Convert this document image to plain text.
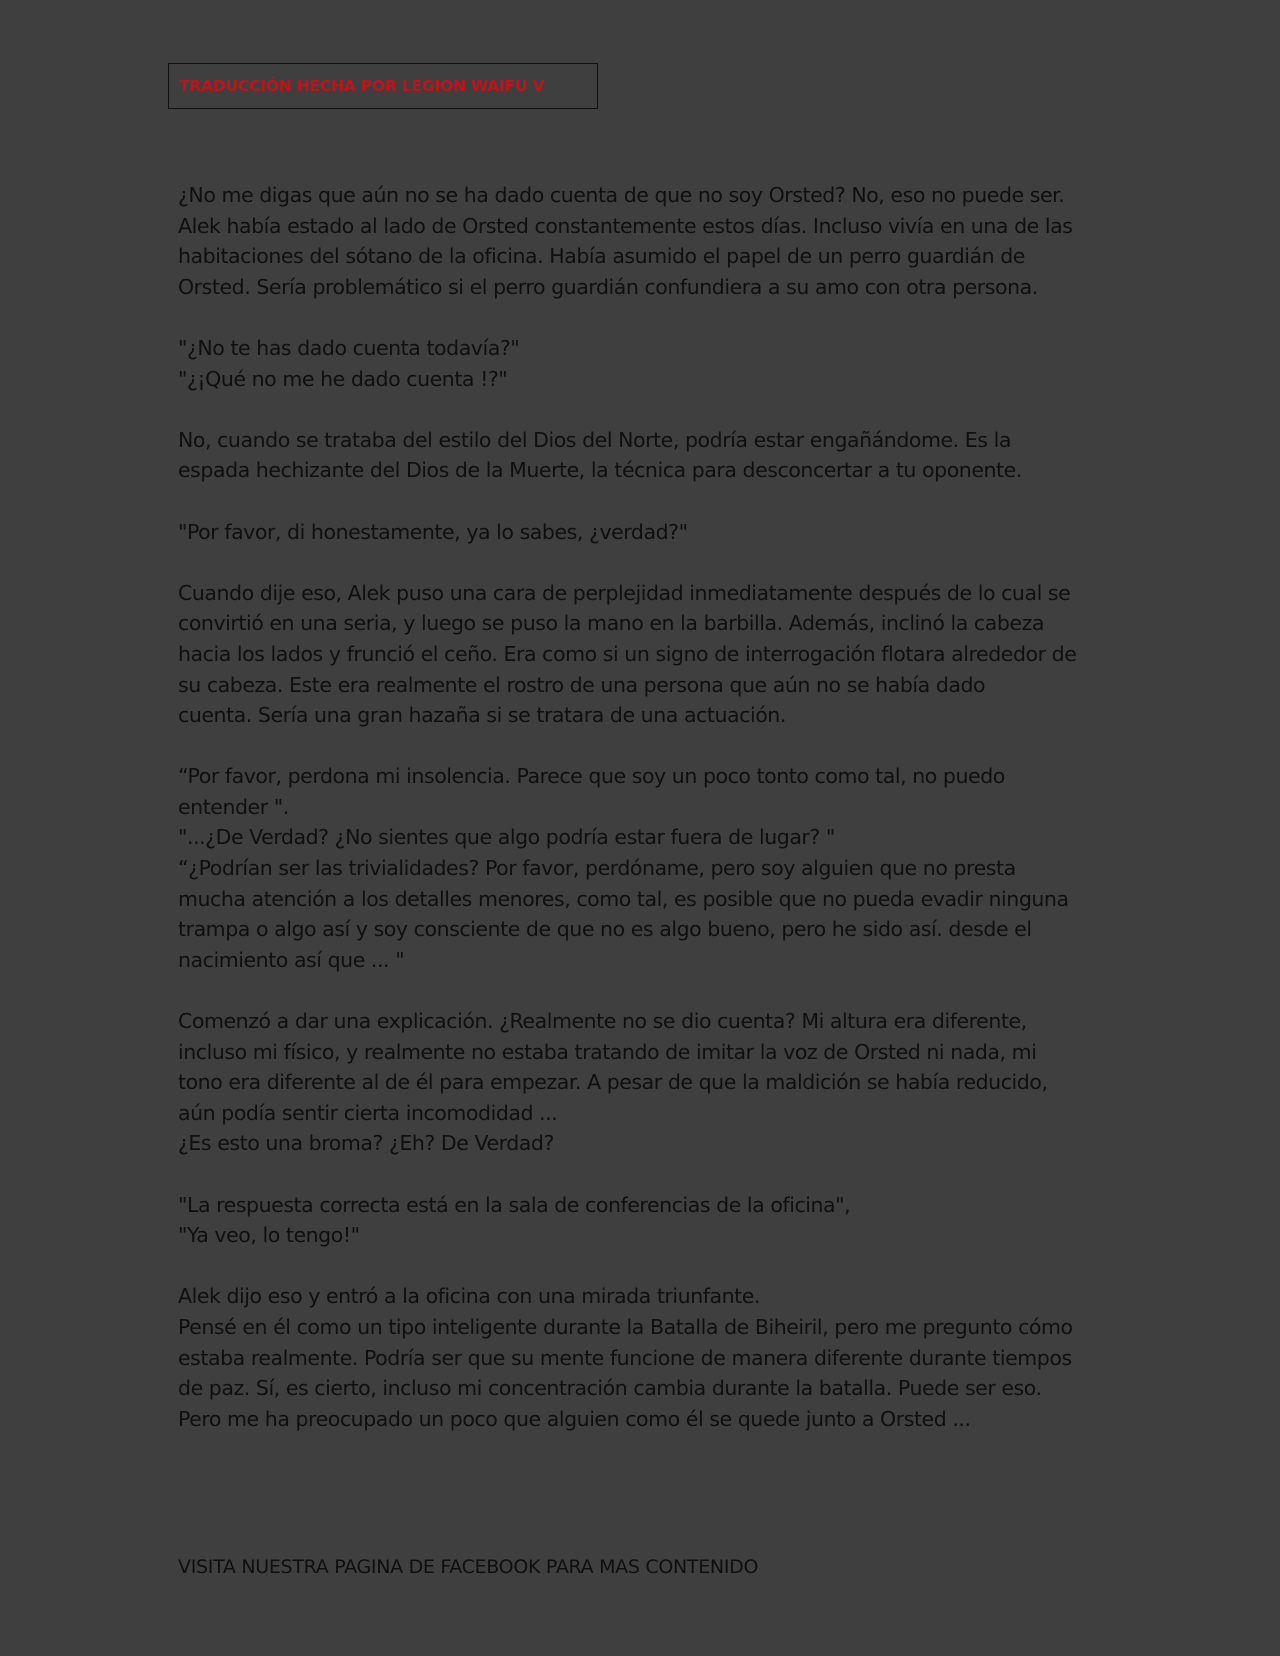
TRADUCCIÓN HECHA POR LEGION WAIFU V

¿No me digas que aún no se ha dado cuenta de que no soy Orsted? No, eso no puede ser.
Alek había estado al lado de Orsted constantemente estos días. Incluso vivía en una de las
habitaciones del sótano de la oficina. Había asumido el papel de un perro guardián de
Orsted. Sería problemático si el perro guardián confundiera a su amo con otra persona.

"¿No te has dado cuenta todavía?"
"¿¡Qué no me he dado cuenta !?"

No, cuando se trataba del estilo del Dios del Norte, podría estar engañándome. Es la
espada hechizante del Dios de la Muerte, la técnica para desconcertar a tu oponente.

"Por favor, di honestamente, ya lo sabes, ¿verdad?"

Cuando dije eso, Alek puso una cara de perplejidad inmediatamente después de lo cual se
convirtió en una seria, y luego se puso la mano en la barbilla. Además, inclinó la cabeza
hacia los lados y frunció el ceño. Era como si un signo de interrogación flotara alrededor de
su cabeza. Este era realmente el rostro de una persona que aún no se había dado
cuenta. Sería una gran hazaña si se tratara de una actuación.

“Por favor, perdona mi insolencia. Parece que soy un poco tonto como tal, no puedo
entender ".
"...¿De Verdad? ¿No sientes que algo podría estar fuera de lugar? "
“¿Podrían ser las trivialidades? Por favor, perdóname, pero soy alguien que no presta
mucha atención a los detalles menores, como tal, es posible que no pueda evadir ninguna
trampa o algo así y soy consciente de que no es algo bueno, pero he sido así. desde el
nacimiento así que ... "

Comenzó a dar una explicación. ¿Realmente no se dio cuenta? Mi altura era diferente,
incluso mi físico, y realmente no estaba tratando de imitar la voz de Orsted ni nada, mi
tono era diferente al de él para empezar. A pesar de que la maldición se había reducido,
aún podía sentir cierta incomodidad ...
¿Es esto una broma? ¿Eh? De Verdad?

"La respuesta correcta está en la sala de conferencias de la oficina",
"Ya veo, lo tengo!"

Alek dijo eso y entró a la oficina con una mirada triunfante.
Pensé en él como un tipo inteligente durante la Batalla de Biheiril, pero me pregunto cómo
estaba realmente. Podría ser que su mente funcione de manera diferente durante tiempos
de paz. Sí, es cierto, incluso mi concentración cambia durante la batalla. Puede ser eso.
Pero me ha preocupado un poco que alguien como él se quede junto a Orsted ...

VISITA NUESTRA PAGINA DE FACEBOOK PARA MAS CONTENIDO
